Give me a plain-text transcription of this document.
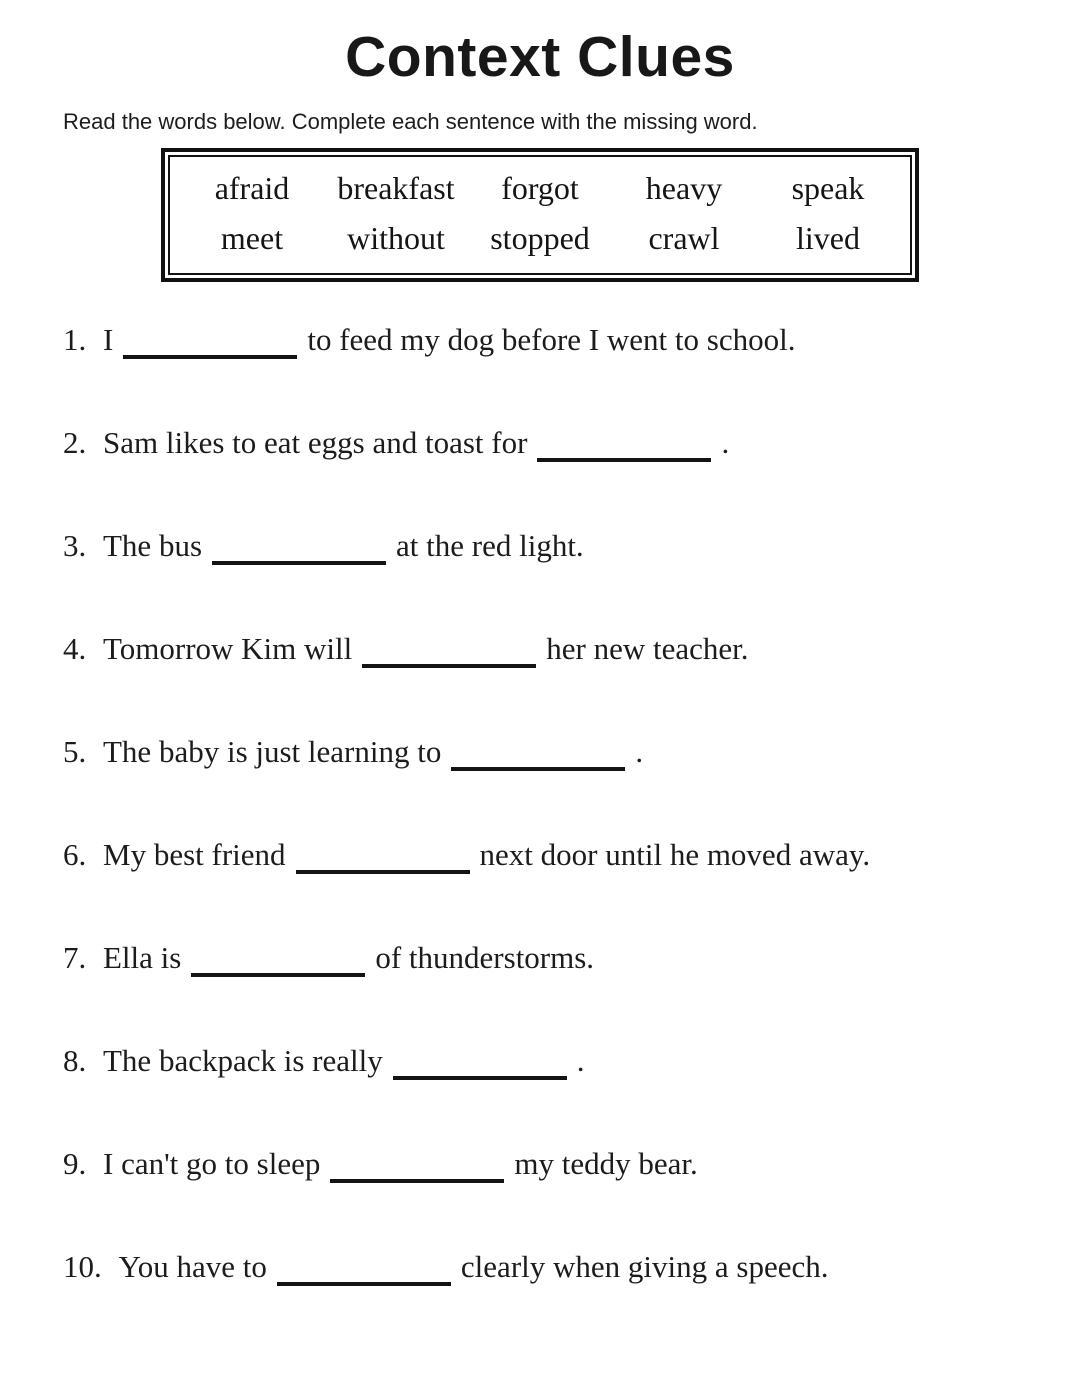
Context Clues

Read the words below. Complete each sentence with the missing word.

afraid	breakfast	forgot	heavy	speak
meet	without	stopped	crawl	lived
1. I	to feed my dog before I went to school.
2. Sam likes to eat eggs and toast for	.
3. The bus	at the red light.
4. Tomorrow Kim will	her new teacher.
5. The baby is just learning to	.
6. My best friend	next door until he moved away.
7. Ella is	of thunderstorms.
8. The backpack is really	.
9. I can't go to sleep	my teddy bear.
10. You have to	clearly when giving a speech.
